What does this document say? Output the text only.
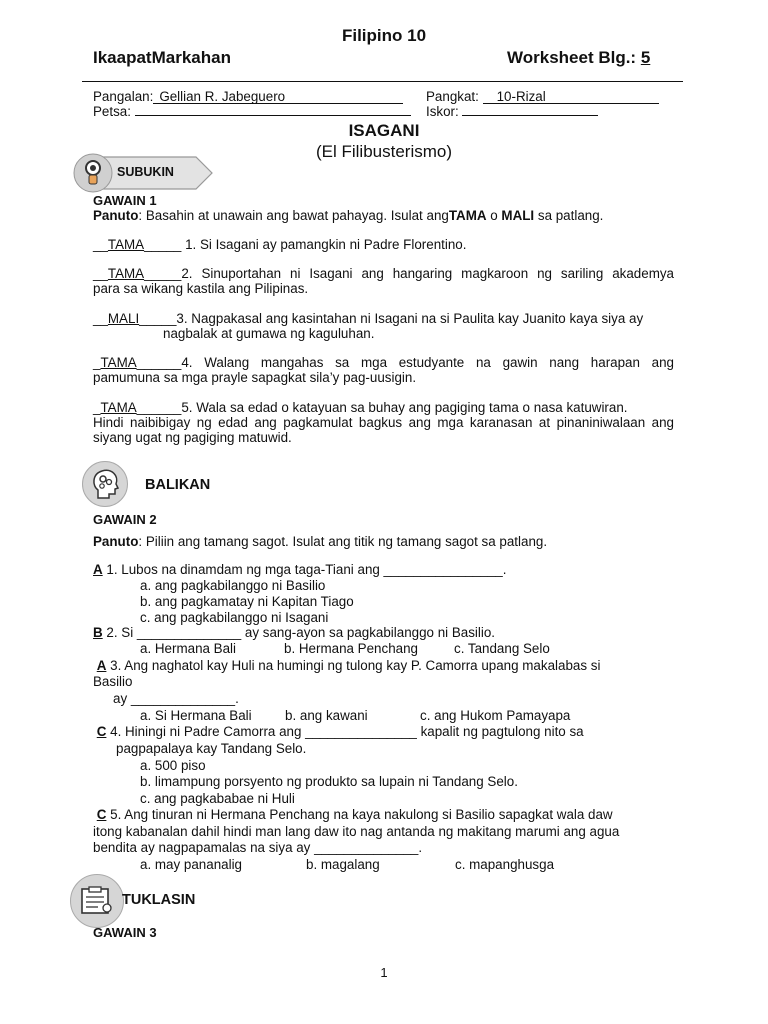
Filipino 10
IkaapatMarkahan	Worksheet Blg.: 5
Pangalan: Gellian R. Jabeguero	Pangkat: 10-Rizal
Petsa:	Iskor:
ISAGANI
(El Filibusterismo)
SUBUKIN
GAWAIN 1
Panuto: Basahin at unawain ang bawat pahayag. Isulat angTAMA o MALI sa patlang.
__TAMA_____ 1. Si Isagani ay pamangkin ni Padre Florentino.
__TAMA_____2. Sinuportahan ni Isagani ang hangaring magkaroon ng sariling akademya
para sa wikang kastila ang Pilipinas.
__MALI_____3. Nagpakasal ang kasintahan ni Isagani na si Paulita kay Juanito kaya siya ay
nagbalak at gumawa ng kaguluhan.
_TAMA______4. Walang mangahas sa mga estudyante na gawin nang harapan ang
pamumuna sa mga prayle sapagkat sila’y pag-uusigin.
_TAMA______5. Wala sa edad o katayuan sa buhay ang pagiging tama o nasa katuwiran.
Hindi naibibigay ng edad ang pagkamulat bagkus ang mga karanasan at pinaniniwalaan ang siyang ugat ng pagiging matuwid.
BALIKAN
GAWAIN 2
Panuto: Piliin ang tamang sagot. Isulat ang titik ng tamang sagot sa patlang.
A 1. Lubos na dinamdam ng mga taga-Tiani ang ________________.
a. ang pagkabilanggo ni Basilio
b. ang pagkamatay ni Kapitan Tiago
c. ang pagkabilanggo ni Isagani
B 2. Si ______________ ay sang-ayon sa pagkabilanggo ni Basilio.
a. Hermana Bali	b. Hermana Penchang	c. Tandang Selo
A 3. Ang naghatol kay Huli na humingi ng tulong kay P. Camorra upang makalabas si
Basilio
ay ______________.
a. Si Hermana Bali b. ang kawani	c. ang Hukom Pamayapa
C 4. Hiningi ni Padre Camorra ang _______________ kapalit ng pagtulong nito sa
pagpapalaya kay Tandang Selo.
a. 500 piso
b. limampung porsyento ng produkto sa lupain ni Tandang Selo.
c. ang pagkababae ni Huli
C 5. Ang tinuran ni Hermana Penchang na kaya nakulong si Basilio sapagkat wala daw
itong kabanalan dahil hindi man lang daw ito nag antanda ng makitang marumi ang agua
bendita ay nagpapamalas na siya ay ______________.
a. may pananalig	b. magalang	c. mapanghusga
TUKLASIN
GAWAIN 3
1
